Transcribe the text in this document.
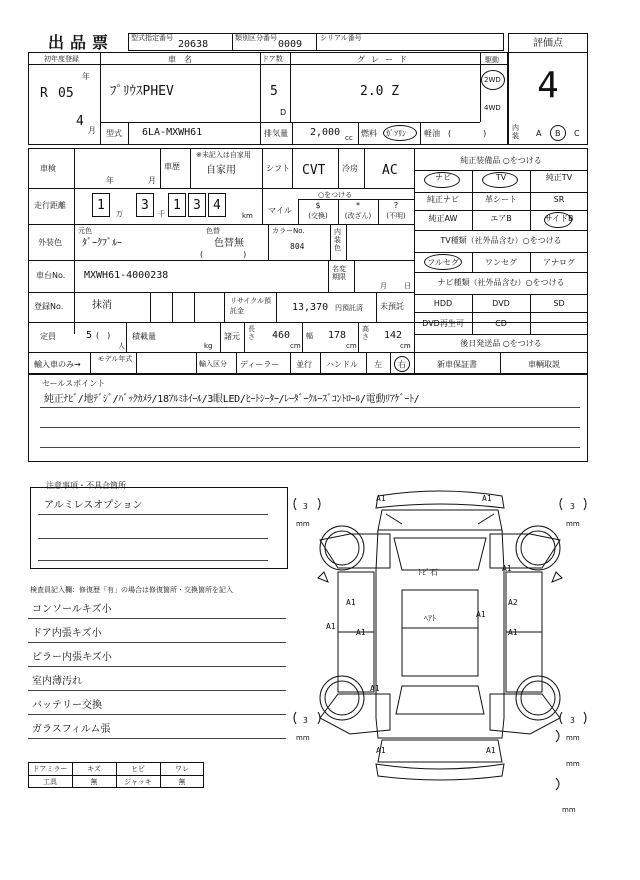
出品票 型式指定番号
20638
類別区分番号
0009
シリアル番号	評価点
4
初年度登録
R 05
年
4
月
車　名
ﾌﾟﾘｳｽPHEV
ドア数
5
D
グレード
2.0 Z
駆動
2WD
4WD
型式 6LA-MXWH61	排気量 2,000 cc 燃料 ｶﾞｿﾘﾝ 軽油 (　　　　)
内装	A B C
車検
年	月
車歴
※未記入は自家用
自家用	シフト CVT 冷房 AC
走行距離 1
万
3
千
1 3 4
km
○をつける
マイル
$
(交換)
*
(改ざん)
?
(不明)
外装色
元色
ﾀﾞｰｸﾌﾞﾙｰ
色替
色替無
(　　　　　)
カラーNo.
804
内装色
車台No. MXWH61-4000238
名変期限
月 日
登録No.	抹消	リサイクル預託金	13,370 円預託済 未預託
定員	5 (　)
人
積載量
kg
諸元
長さ	460
cm
幅 178
cm
高さ	142
cm
輸入車のみ→
モデル年式
輸入区分 ディーラー 並行 ハンドル 左 右
純正装備品 ○をつける
ナビ	TV	純正TV
純正ナビ	革シート	SR
純正AW	エアB	サイドB
TV種類（社外品含む）○をつける
フルセグ	ワンセグ	アナログ
ナビ種類（社外品含む）○をつける
HDD	DVD	SD
DVD再生可	CD
後日発送品 ○をつける
新車保証書	車輌取説
セールスポイント
純正ﾅﾋﾞ/地ﾃﾞｼﾞ/ﾊﾞｯｸｶﾒﾗ/18ｱﾙﾐﾎｲｰﾙ/3眼LED/ﾋｰﾄｼｰﾀｰ/ﾚｰﾀﾞｰｸﾙｰｽﾞｺﾝﾄﾛｰﾙ/電動ﾘｱｹﾞｰﾄ/
注意事項・不具合箇所
アルミレスオプション
検査員記入欄：修復歴「有」の場合は修復箇所・交換箇所を記入
コンソールキズ小
ドア内張キズ小
ピラー内張キズ小
室内薄汚れ
バッテリー交換
ガラスフィルム張
ドアミラー	キズ	ヒビ	ワレ
工具	無	ジャッキ	無
3
mm
3
mm
3
mm
3
mm
mm
mm
A1	A1
ﾄﾋﾞ石	A1
A1
A1
A1
A2
A1
ﾍｱﾄ
A1
A1
A1	A1
